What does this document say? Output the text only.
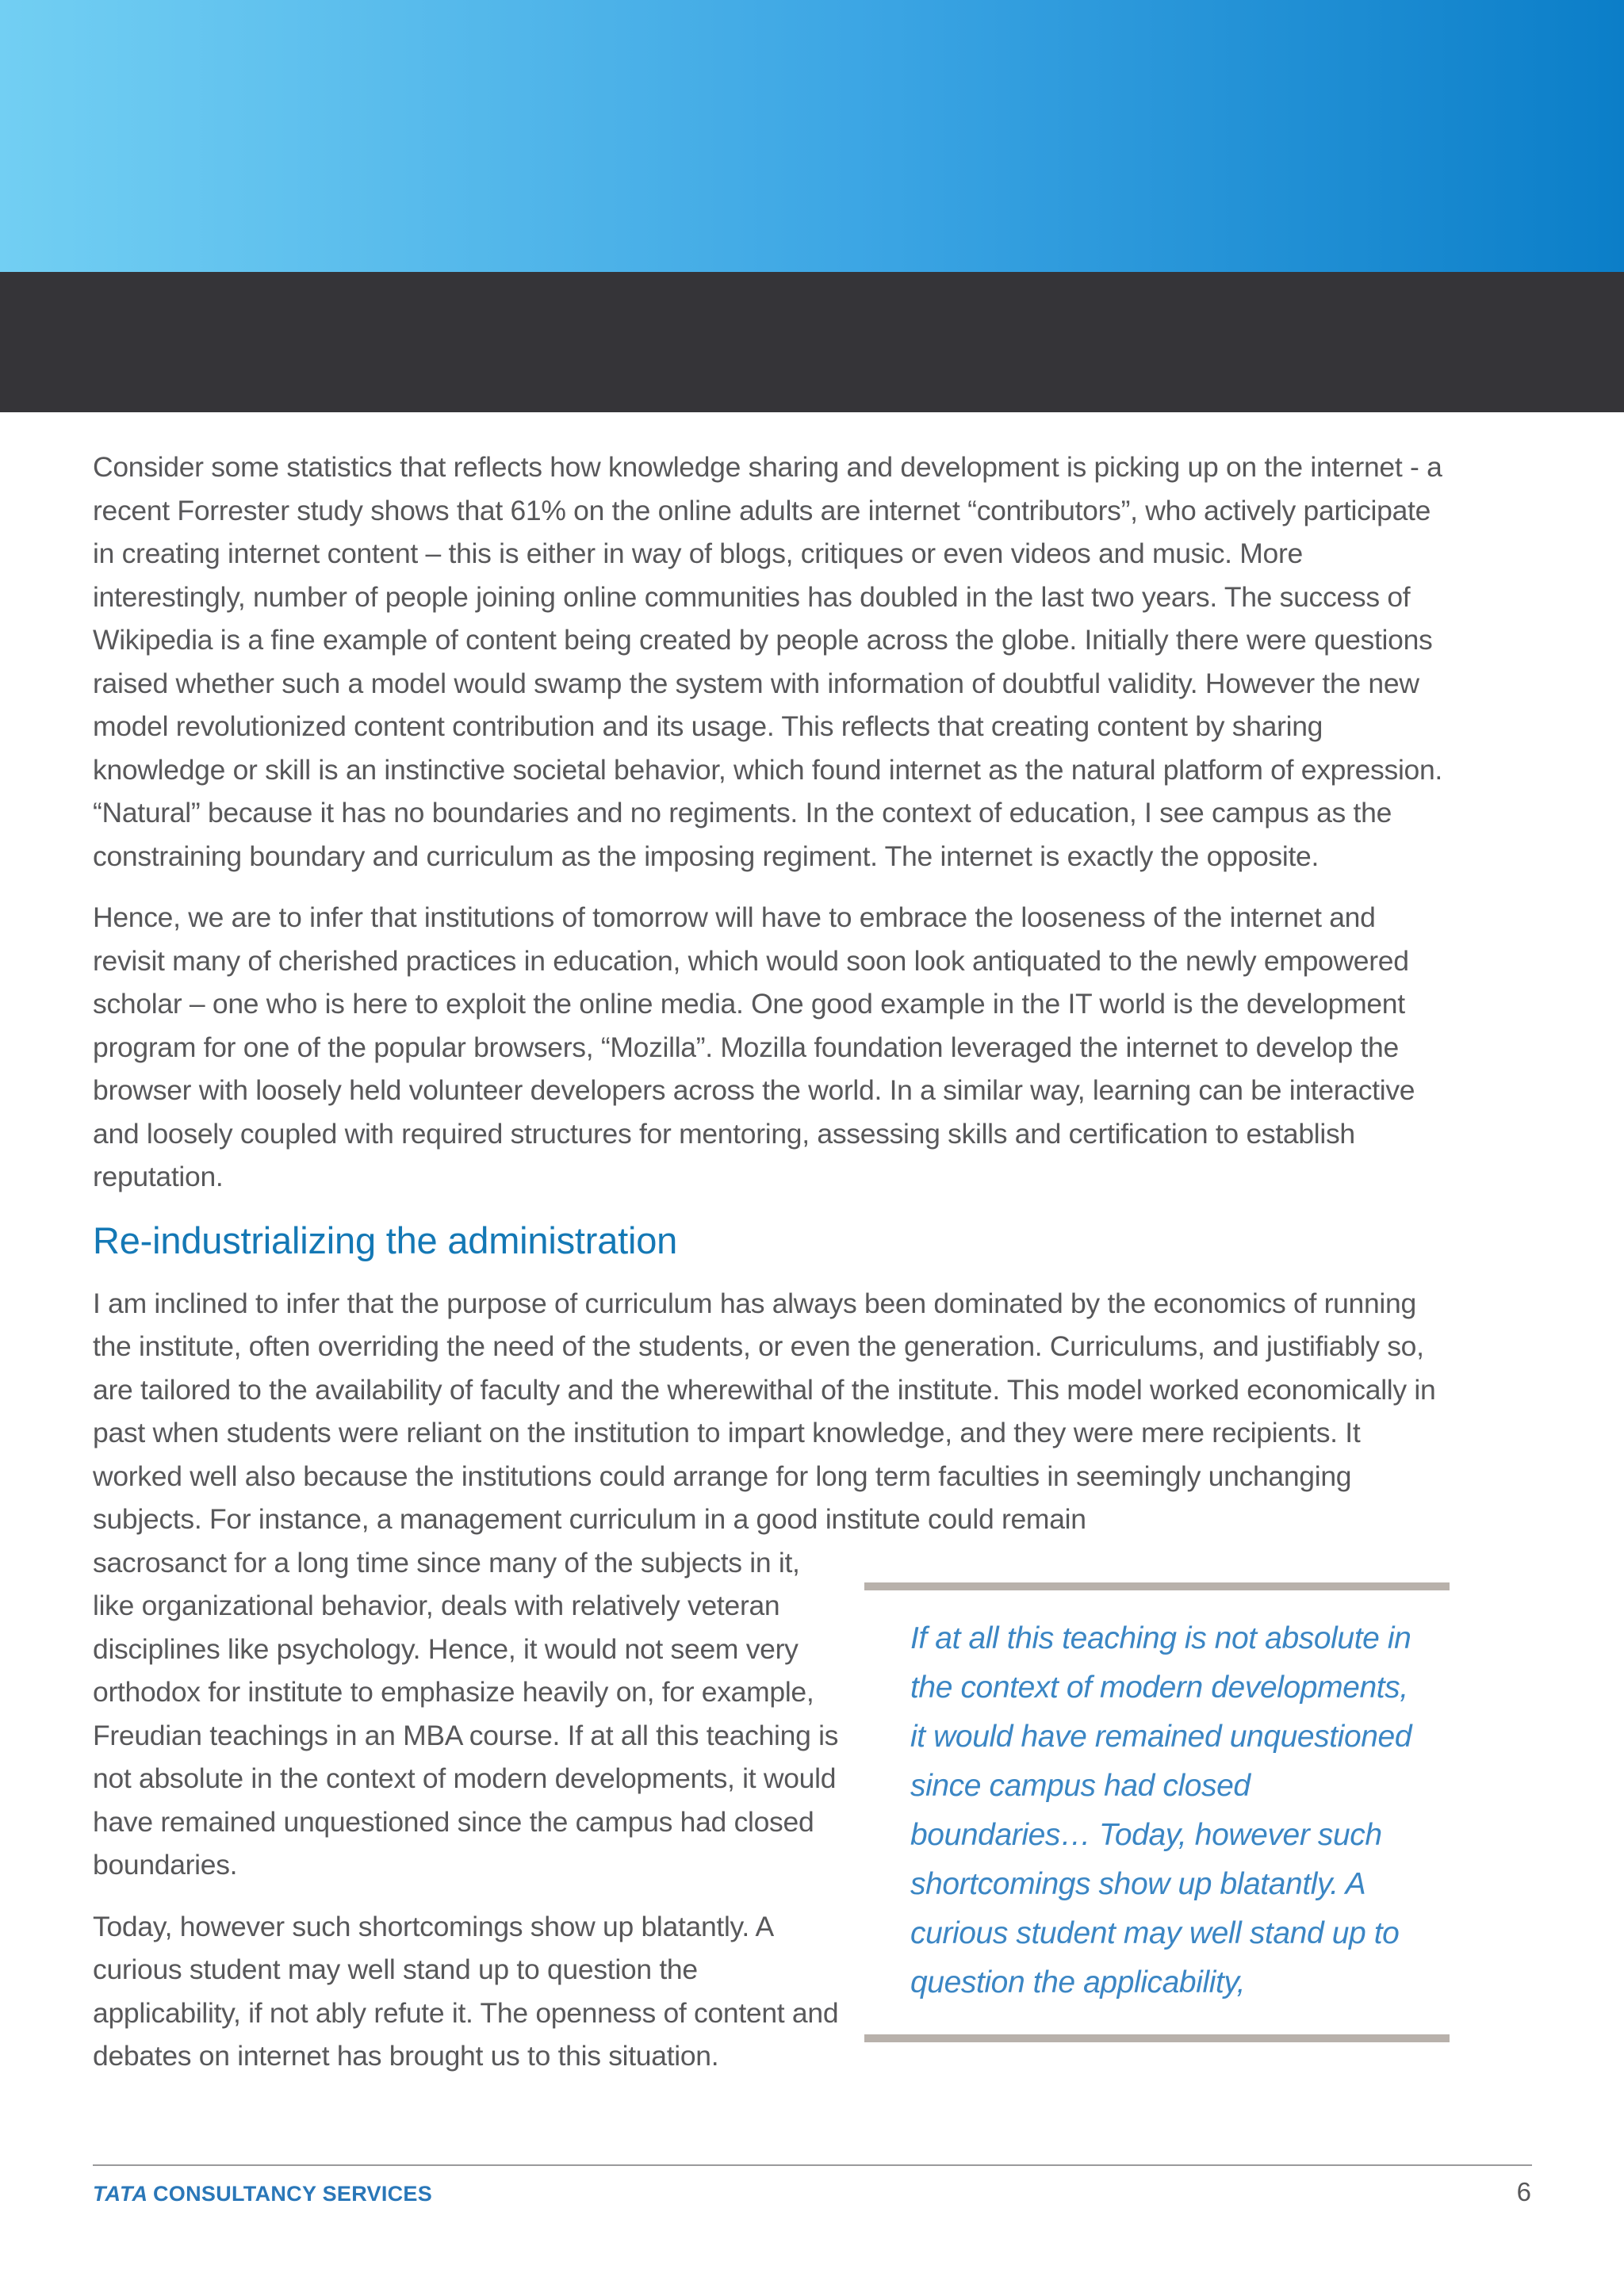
Consider some statistics that reflects how knowledge sharing and development is picking up on the internet - a recent Forrester study shows that 61% on the online adults are internet “contributors”, who actively participate in creating internet content – this is either in way of blogs, critiques or even videos and music. More interestingly, number of people joining online communities has doubled in the last two years. The success of Wikipedia is a fine example of content being created by people across the globe. Initially there were questions raised whether such a model would swamp the system with information of doubtful validity. However the new model revolutionized content contribution and its usage. This reflects that creating content by sharing knowledge or skill is an instinctive societal behavior, which found internet as the natural platform of expression. “Natural” because it has no boundaries and no regiments. In the context of education, I see campus as the constraining boundary and curriculum as the imposing regiment. The internet is exactly the opposite.

Hence, we are to infer that institutions of tomorrow will have to embrace the looseness of the internet and revisit many of cherished practices in education, which would soon look antiquated to the newly empowered scholar – one who is here to exploit the online media. One good example in the IT world is the development program for one of the popular browsers, “Mozilla”. Mozilla foundation leveraged the internet to develop the browser with loosely held volunteer developers across the world. In a similar way, learning can be interactive and loosely coupled with required structures for mentoring, assessing skills and certification to establish reputation.

Re-industrializing the administration

I am inclined to infer that the purpose of curriculum has always been dominated by the economics of running the institute, often overriding the need of the students, or even the generation. Curriculums, and justifiably so, are tailored to the availability of faculty and the wherewithal of the institute. This model worked economically in past when students were reliant on the institution to impart knowledge, and they were mere recipients. It worked well also because the institutions could arrange for long term faculties in seemingly unchanging subjects. For instance, a management curriculum in a good institute could remain

sacrosanct for a long time since many of the subjects in it, like organizational behavior, deals with relatively veteran disciplines like psychology. Hence, it would not seem very orthodox for institute to emphasize heavily on, for example, Freudian teachings in an MBA course. If at all this teaching is not absolute in the context of modern developments, it would have remained unquestioned since the campus had closed boundaries.

Today, however such shortcomings show up blatantly. A curious student may well stand up to question the applicability, if not ably refute it. The openness of content and debates on internet has brought us to this situation.

If at all this teaching is not absolute in the context of modern developments, it would have remained unquestioned since campus had closed boundaries… Today, however such shortcomings show up blatantly. A curious student may well stand up to question the applicability,

TATA CONSULTANCY SERVICES	6
